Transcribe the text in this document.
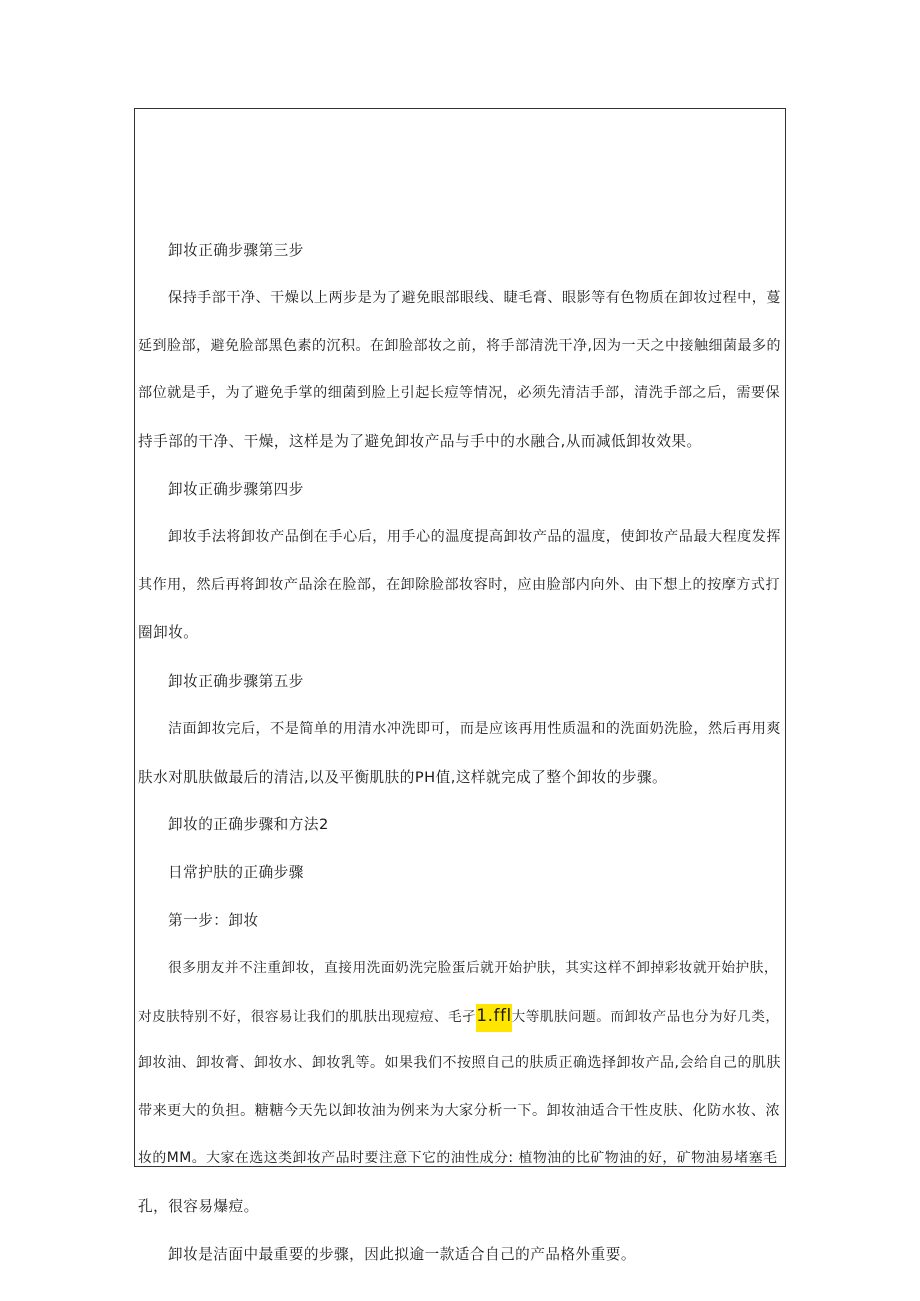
卸妆正确步骤第三步

保持手部干净、干燥以上两步是为了避免眼部眼线、睫毛膏、眼影等有色物质在卸妆过程中，蔓
延到脸部，避免脸部黑色素的沉积。在卸脸部妆之前，将手部清洗干净,因为一天之中接触细菌最多的
部位就是手，为了避免手掌的细菌到脸上引起长痘等情况，必须先清洁手部，清洗手部之后，需要保
持手部的干净、干燥，这样是为了避免卸妆产品与手中的水融合,从而减低卸妆效果。

卸妆正确步骤第四步

卸妆手法将卸妆产品倒在手心后，用手心的温度提高卸妆产品的温度，使卸妆产品最大程度发挥
其作用，然后再将卸妆产品涂在脸部，在卸除脸部妆容时，应由脸部内向外、由下想上的按摩方式打
圈卸妆。

卸妆正确步骤第五步

洁面卸妆完后，不是简单的用清水冲洗即可，而是应该再用性质温和的洗面奶洗脸，然后再用爽
肤水对肌肤做最后的清洁,以及平衡肌肤的PH值,这样就完成了整个卸妆的步骤。

卸妆的正确步骤和方法2

日常护肤的正确步骤

第一步：卸妆

很多朋友并不注重卸妆，直接用洗面奶洗完脸蛋后就开始护肤，其实这样不卸掉彩妆就开始护肤，
对皮肤特别不好，很容易让我们的肌肤出现痘痘、毛孑1.ffl大等肌肤问题。而卸妆产品也分为好几类，
卸妆油、卸妆膏、卸妆水、卸妆乳等。如果我们不按照自己的肤质正确选择卸妆产品,会给自己的肌肤
带来更大的负担。糖糖今天先以卸妆油为例来为大家分析一下。卸妆油适合干性皮肤、化防水妆、浓
妆的MM。大家在选这类卸妆产品时要注意下它的油性成分: 植物油的比矿物油的好，矿物油易堵塞毛
孔，很容易爆痘。

卸妆是洁面中最重要的步骤，因此拟逾一款适合自己的产品格外重要。
